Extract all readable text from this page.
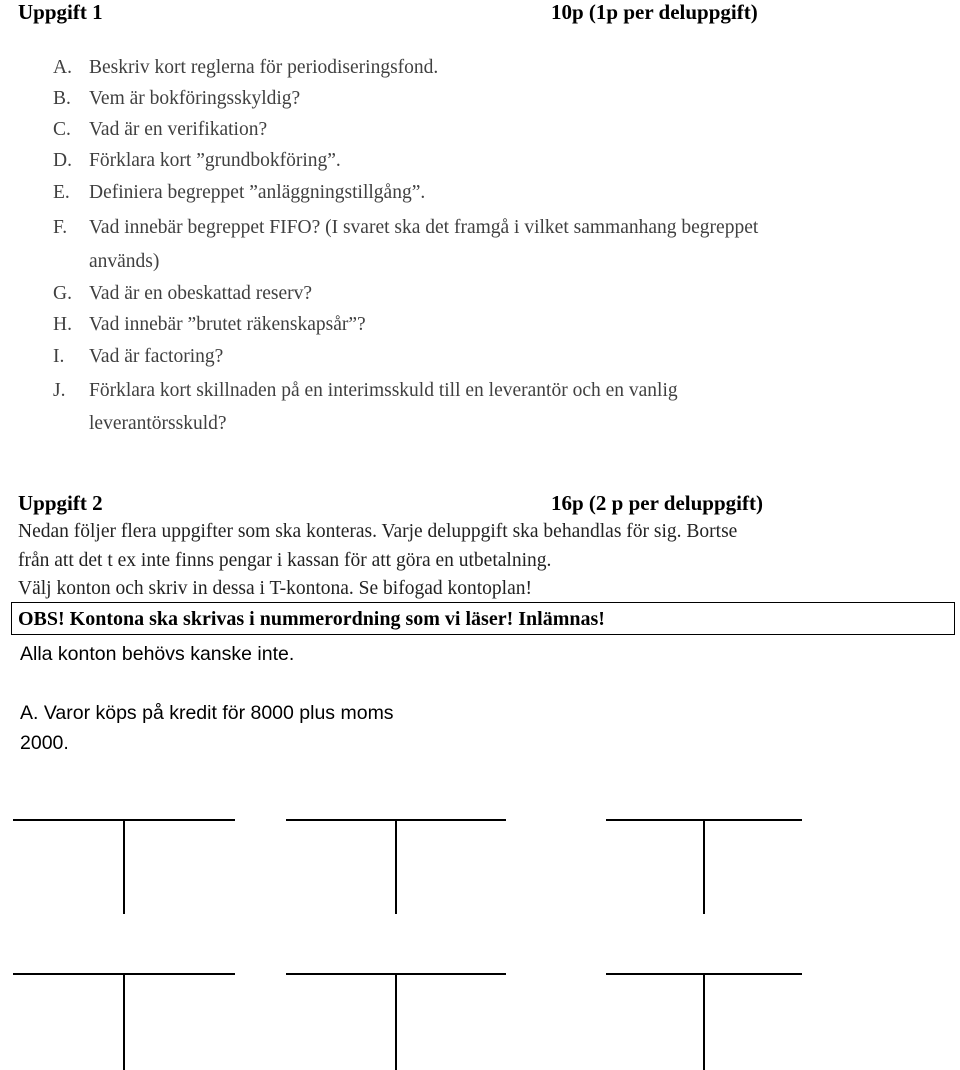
Uppgift 1	10p (1p per deluppgift)
A. Beskriv kort reglerna för periodiseringsfond.
B. Vem är bokföringsskyldig?
C. Vad är en verifikation?
D. Förklara kort ”grundbokföring”.
E. Definiera begreppet ”anläggningstillgång”.
F. Vad innebär begreppet FIFO? (I svaret ska det framgå i vilket sammanhang begreppet
används)
G. Vad är en obeskattad reserv?
H. Vad innebär ”brutet räkenskapsår”?
I. Vad är factoring?
J. Förklara kort skillnaden på en interimsskuld till en leverantör och en vanlig
leverantörsskuld?
Uppgift 2	16p (2 p per deluppgift)
Nedan följer flera uppgifter som ska konteras. Varje deluppgift ska behandlas för sig. Bortse
från att det t ex inte finns pengar i kassan för att göra en utbetalning.
Välj konton och skriv in dessa i T-kontona. Se bifogad kontoplan!
OBS! Kontona ska skrivas i nummerordning som vi läser! Inlämnas!
Alla konton behövs kanske inte.
A. Varor köps på kredit för 8000 plus moms
2000.
